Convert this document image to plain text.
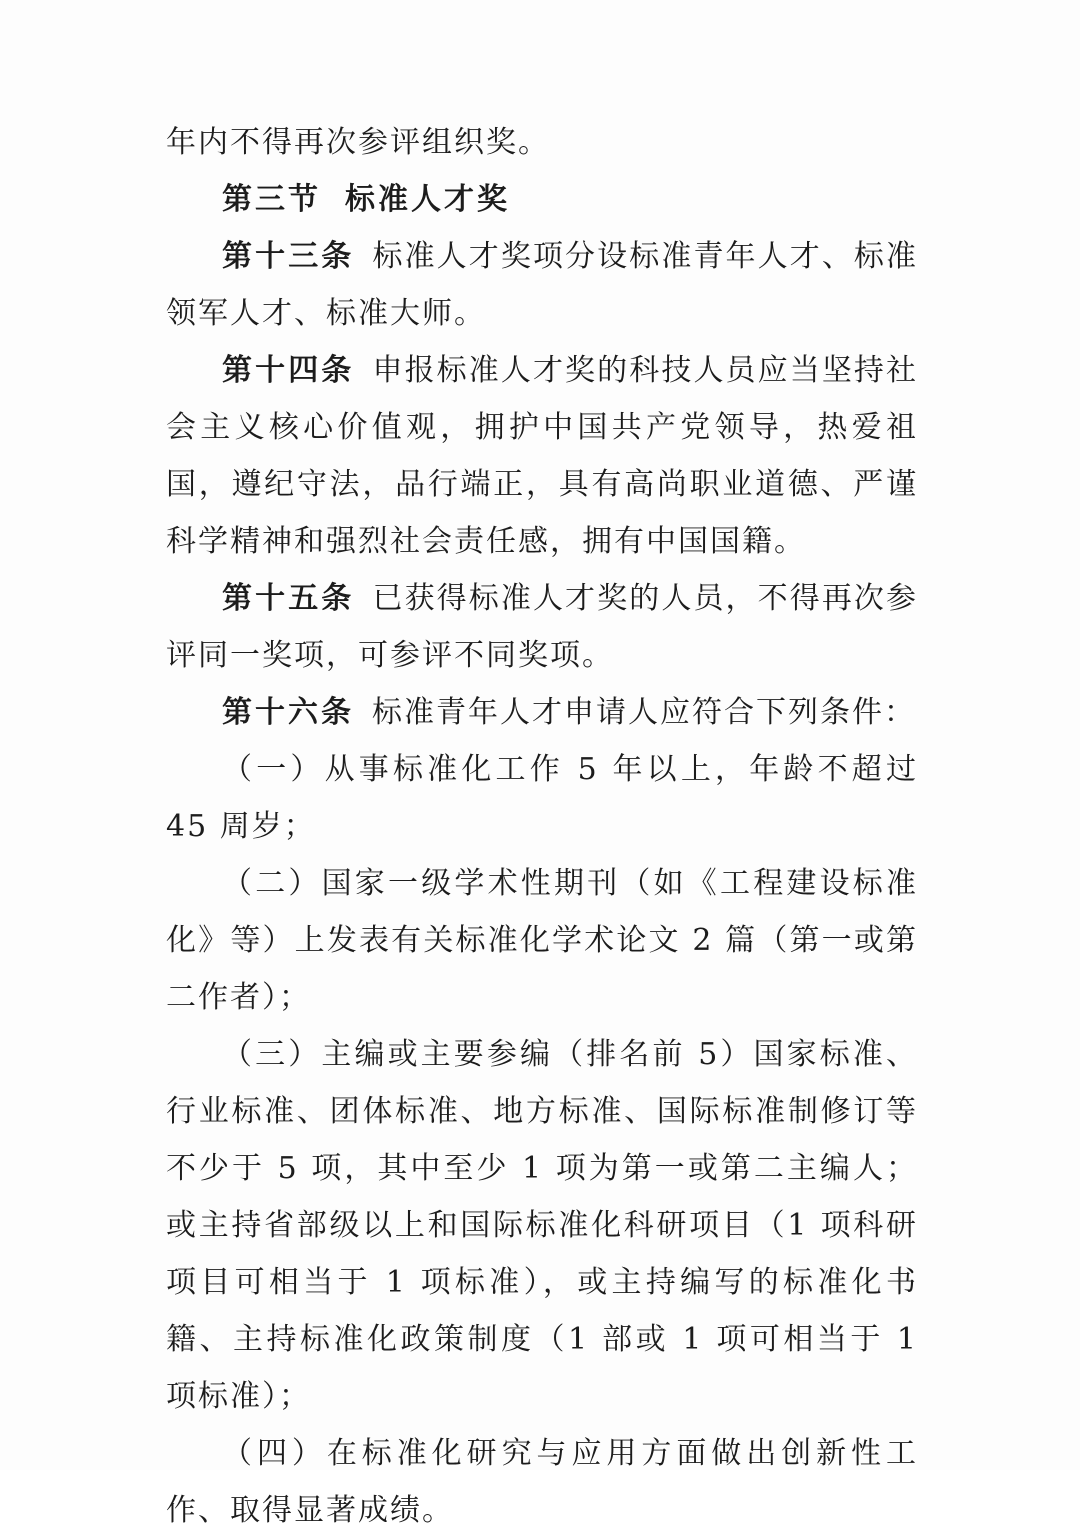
年内不得再次参评组织奖。

第三节 标准人才奖

第十三条 标准人才奖项分设标准青年人才、标准领军人才、标准大师。

第十四条 申报标准人才奖的科技人员应当坚持社会主义核心价值观，拥护中国共产党领导，热爱祖国，遵纪守法，品行端正，具有高尚职业道德、严谨科学精神和强烈社会责任感，拥有中国国籍。

第十五条 已获得标准人才奖的人员，不得再次参评同一奖项，可参评不同奖项。

第十六条 标准青年人才申请人应符合下列条件：

（一）从事标准化工作 5 年以上，年龄不超过 45 周岁；

（二）国家一级学术性期刊（如《工程建设标准化》等）上发表有关标准化学术论文 2 篇（第一或第二作者）；

（三）主编或主要参编（排名前 5）国家标准、行业标准、团体标准、地方标准、国际标准制修订等不少于 5 项，其中至少 1 项为第一或第二主编人；或主持省部级以上和国际标准化科研项目（1 项科研项目可相当于 1 项标准），或主持编写的标准化书籍、主持标准化政策制度（1 部或 1 项可相当于 1 项标准）；

（四）在标准化研究与应用方面做出创新性工作、取得显著成绩。
